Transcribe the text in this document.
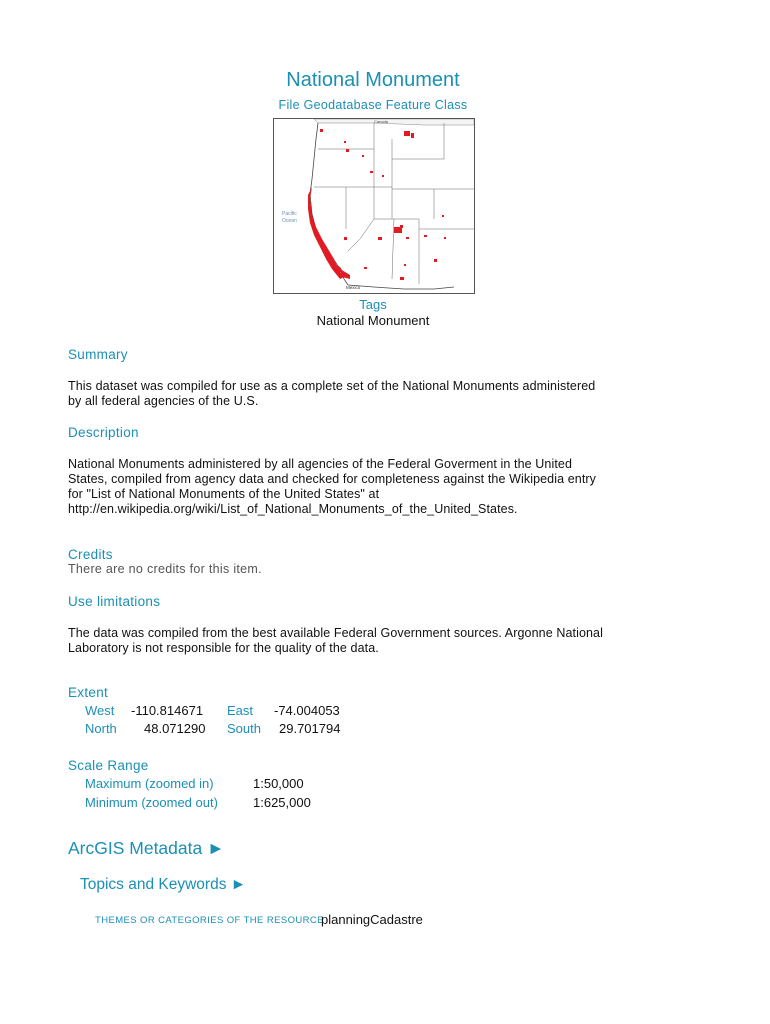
National Monument
File Geodatabase Feature Class
Canada
Pacific
Ocean
Mexico
Tags
National Monument
Summary
This dataset was compiled for use as a complete set of the National Monuments administered
by all federal agencies of the U.S.
Description
National Monuments administered by all agencies of the Federal Goverment in the United
States, compiled from agency data and checked for completeness against the Wikipedia entry
for "List of National Monuments of the United States" at
http://en.wikipedia.org/wiki/List_of_National_Monuments_of_the_United_States.
Credits
There are no credits for this item.
Use limitations
The data was compiled from the best available Federal Government sources. Argonne National
Laboratory is not responsible for the quality of the data.
Extent
West -110.814671 East -74.004053
North 48.071290 South 29.701794
Scale Range
Maximum (zoomed in)	1:50,000
Minimum (zoomed out)	1:625,000
ArcGIS Metadata ►
Topics and Keywords ►
THEMES OR CATEGORIES OF THE RESOURCE
planningCadastre
